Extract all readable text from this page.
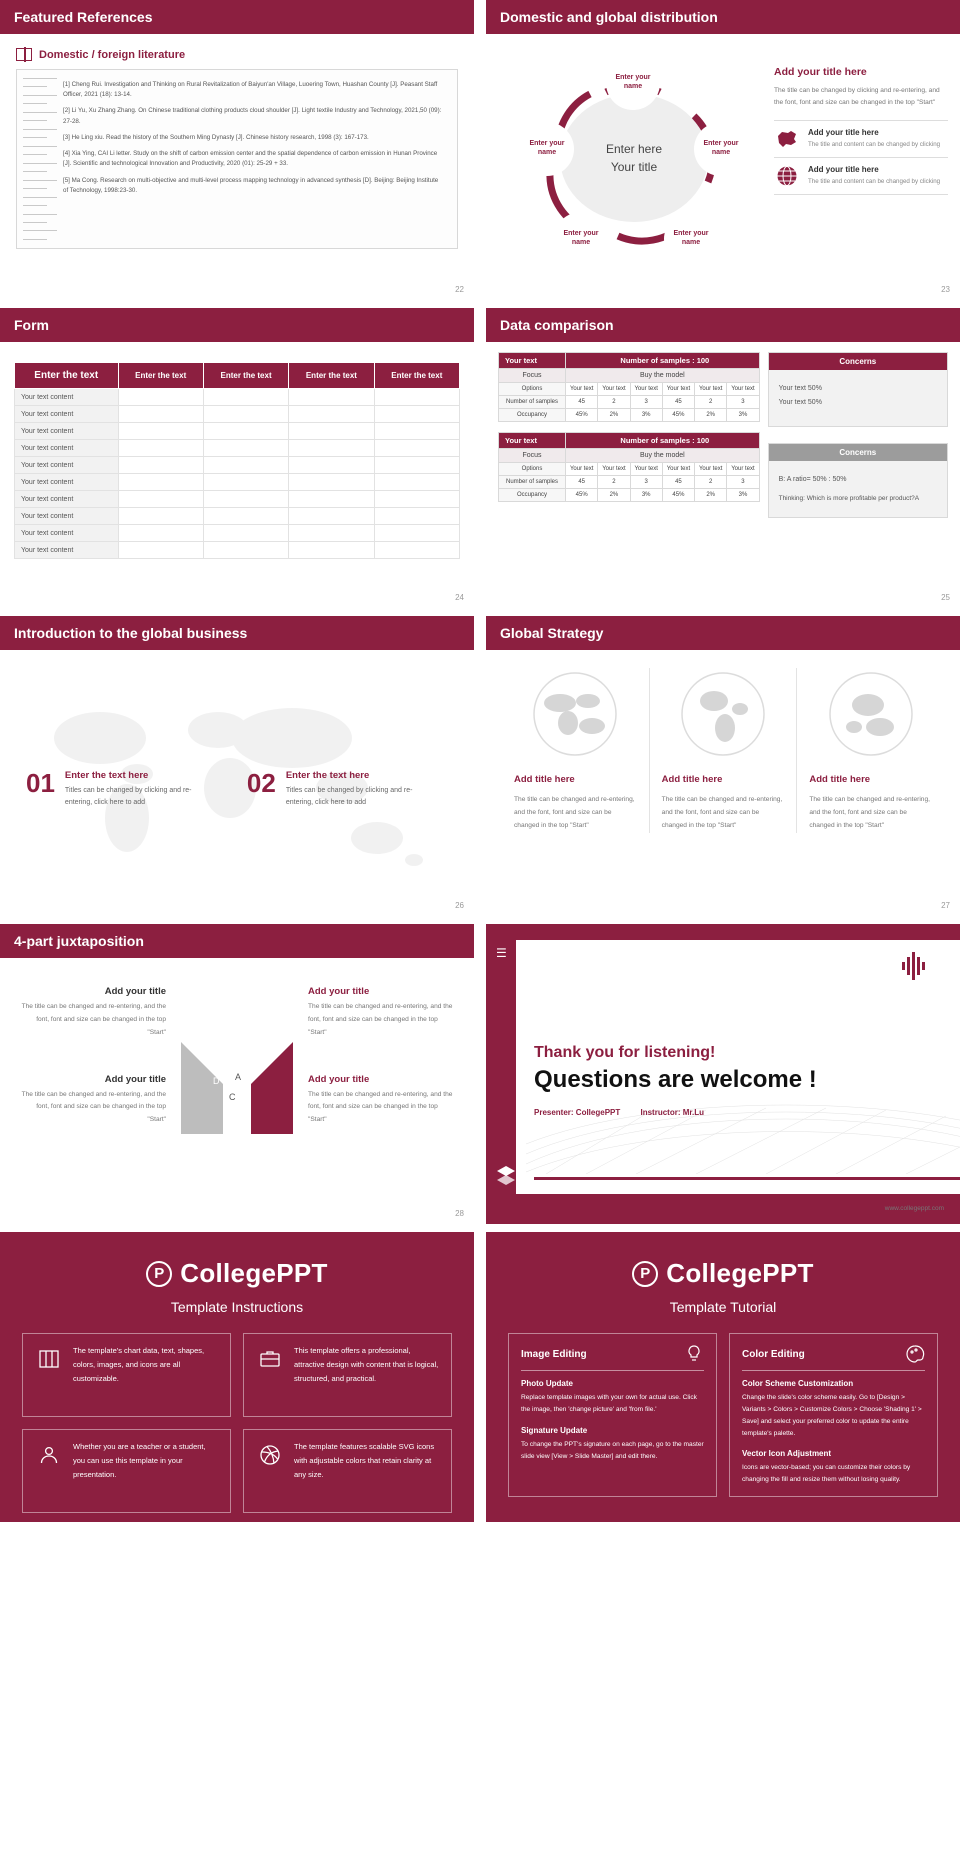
Featured References
Domestic / foreign literature

[1] Cheng Rui. Investigation and Thinking on Rural Revitalization of Baiyun'an Village, Luoering Town, Huashan County [J]. Peasant Staff Officer, 2021 (18): 13-14.

[2] Li Yu, Xu Zhang Zhang. On Chinese traditional clothing products cloud shoulder [J]. Light textile Industry and Technology, 2021,50 (09): 27-28.

[3] He Ling xiu. Read the history of the Southern Ming Dynasty [J]. Chinese history research, 1998 (3): 167-173.

[4] Xia Ying, CAI Li letter. Study on the shift of carbon emission center and the spatial dependence of carbon emission in Hunan Province [J]. Scientific and technological Innovation and Productivity, 2020 (01): 25-29 + 33.

[5] Ma Cong. Research on multi-objective and multi-level process mapping technology in advanced synthesis [D]. Beijing: Beijing Institute of Technology, 1998:23-30.

22
Domestic and global distribution
Enter here
Your title
Enter your name
Enter your name
Enter your name
Enter your name
Enter your name
Add your title here

The title can be changed by clicking and re-entering, and the font, font and size can be changed in the top "Start"

Add your title here

The title and content can be changed by clicking

Add your title here

The title and content can be changed by clicking

23
Form
Enter the text	Enter the text	Enter the text	Enter the text	Enter the text
Your text content				
Your text content				
Your text content				
Your text content				
Your text content				
Your text content				
Your text content				
Your text content				
Your text content				
Your text content				
24
Data comparison
Your text	Number of samples : 100					
Focus	Buy the model					
Options	Your text	Your text	Your text	Your text	Your text	Your text
Number of samples	45	2	3	45	2	3
Occupancy	45%	2%	3%	45%	2%	3%
Your text	Number of samples : 100					
Focus	Buy the model					
Options	Your text	Your text	Your text	Your text	Your text	Your text
Number of samples	45	2	3	45	2	3
Occupancy	45%	2%	3%	45%	2%	3%
Concerns
Your text 50%
Your text 50%
Concerns
B: A ratio= 50% : 50%
Thinking: Which is more profitable per product?A
25
Introduction to the global business
01 Enter the text here

Titles can be changed by clicking and re-entering, click here to add

02 Enter the text here

Titles can be changed by clicking and re-entering, click here to add

26
Global Strategy
Add title here

The title can be changed and re-entering, and the font, font and size can be changed in the top "Start"

Add title here

The title can be changed and re-entering, and the font, font and size can be changed in the top "Start"

Add title here

The title can be changed and re-entering, and the font, font and size can be changed in the top "Start"

27
4-part juxtaposition
Add your title

The title can be changed and re-entering, and the font, font and size can be changed in the top "Start"

Add your title

The title can be changed and re-entering, and the font, font and size can be changed in the top "Start"

Add your title

The title can be changed and re-entering, and the font, font and size can be changed in the top "Start"

Add your title

The title can be changed and re-entering, and the font, font and size can be changed in the top "Start"

D A
C B
28
☰
Thank you for listening!
Questions are welcome !
Presenter: CollegePPT	Instructor: Mr.Lu
www.collegeppt.com
P CollegePPT
Template Instructions

The template's chart data, text, shapes, colors, images, and icons are all customizable.

This template offers a professional, attractive design with content that is logical, structured, and practical.

Whether you are a teacher or a student, you can use this template in your presentation.

The template features scalable SVG icons with adjustable colors that retain clarity at any size.

P CollegePPT
Template Tutorial
Image Editing
Photo Update

Replace template images with your own for actual use. Click the image, then 'change picture' and 'from file.'

Signature Update

To change the PPT's signature on each page, go to the master slide view [View > Slide Master] and edit there.

Color Editing
Color Scheme Customization

Change the slide's color scheme easily. Go to [Design > Variants > Colors > Customize Colors > Choose 'Shading 1' > Save] and select your preferred color to update the entire template's palette.

Vector Icon Adjustment

Icons are vector-based; you can customize their colors by changing the fill and resize them without losing quality.
